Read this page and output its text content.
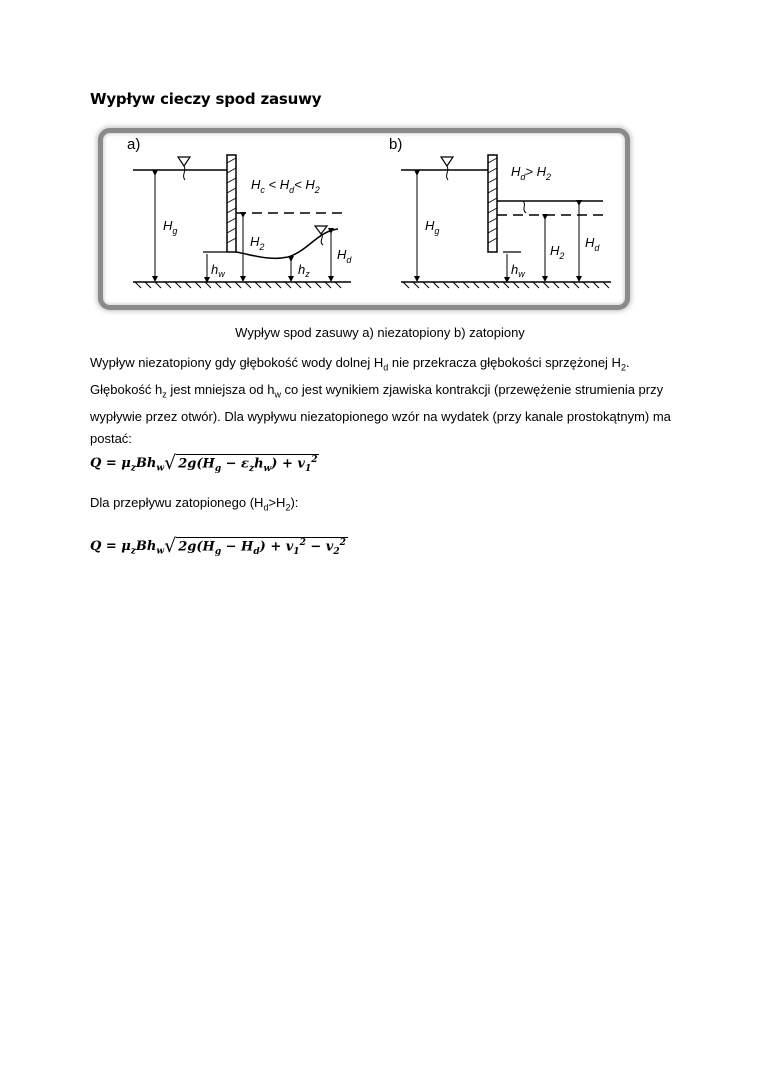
Wypływ cieczy spod zasuwy
a)
$H_g$
$h_w$
$H_2$
$h_z$
$H_d$
$H_c < H_d< H_2$
b)
$H_g$
$h_w$
$H_2$
$H_d$
$H_d> H_2$
Wypływ spod zasuwy a) niezatopiony b) zatopiony
Wypływ niezatopiony gdy głębokość wody dolnej $H_d$ nie przekracza głębokości sprzężonej $H_2$. Głębokość $h_z$ jest mniejsza od $h_w$ co jest wynikiem zjawiska kontrakcji (przewężenie strumienia przy wypływie przez otwór). Dla wypływu niezatopionego wzór na wydatek (przy kanale prostokątnym) ma postać:
$Q = \mu_zBh_w√$ $2g(H_g - \varepsilon_zh_w) + v_1^2$
Dla przepływu zatopionego $(H_d>H_2)$:
$Q = \mu_zBh_w√$ $2g(H_g - H_d) + v_1^2 - v_2^2$
